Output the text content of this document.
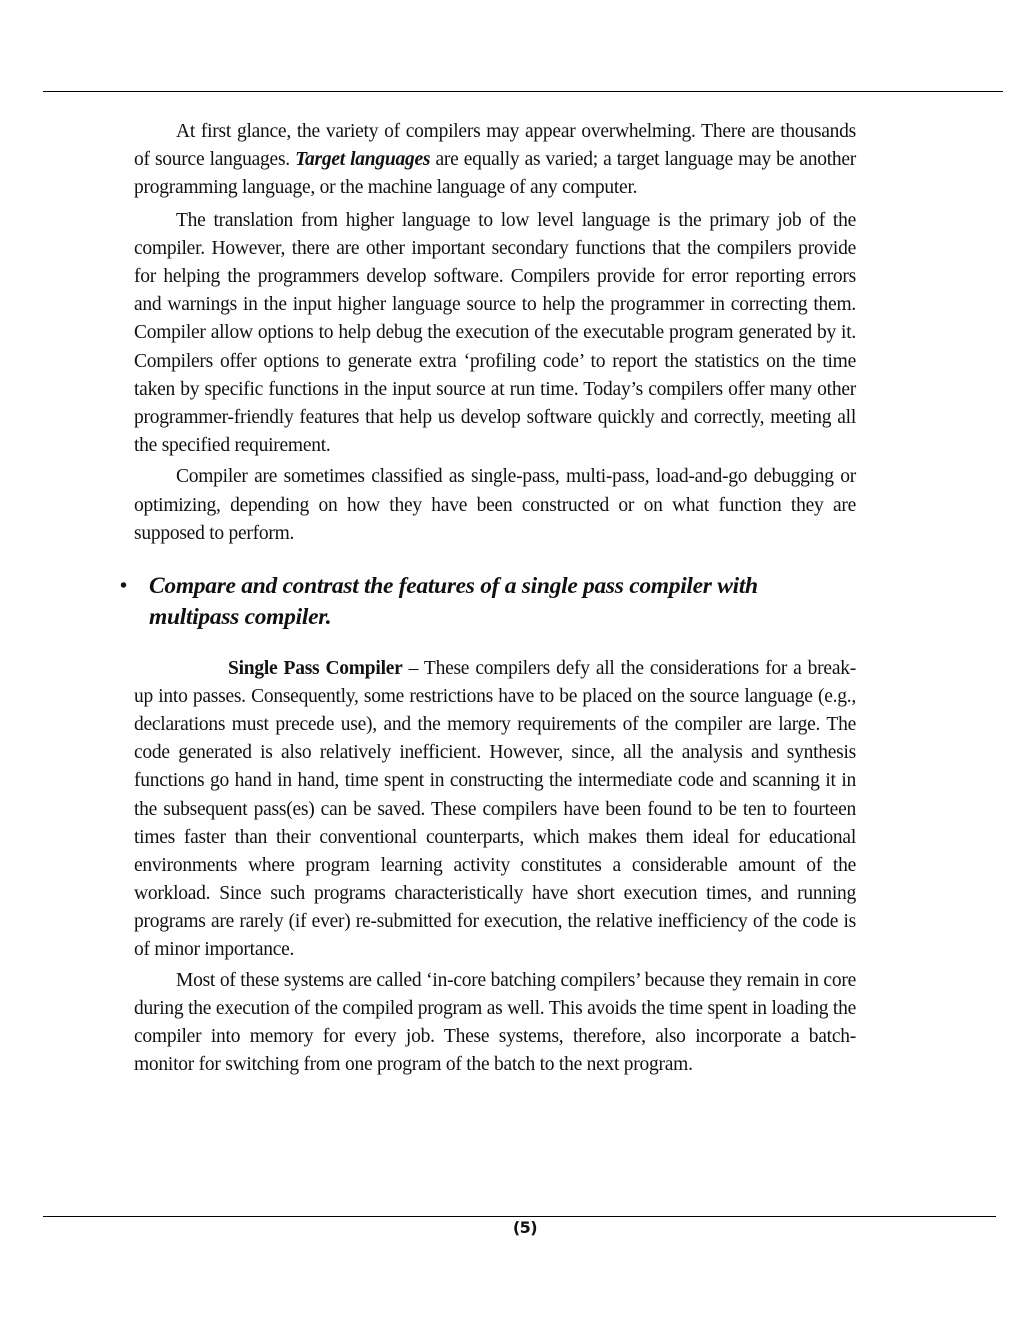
At first glance, the variety of compilers may appear overwhelming. There are thousands of source languages. Target languages are equally as varied; a target language may be another programming language, or the machine language of any computer.

The translation from higher language to low level language is the primary job of the compiler. However, there are other important secondary functions that the compilers provide for helping the programmers develop software. Compilers provide for error reporting errors and warnings in the input higher language source to help the programmer in correcting them. Compiler allow options to help debug the execution of the executable program generated by it. Compilers offer options to generate extra ‘profiling code’ to report the statistics on the time taken by specific functions in the input source at run time. Today’s compilers offer many other programmer-friendly features that help us develop software quickly and correctly, meeting all the specified requirement.

Compiler are sometimes classified as single-pass, multi-pass, load-and-go debugging or optimizing, depending on how they have been constructed or on what function they are supposed to perform.

• Compare and contrast the features of a single pass compiler with multipass compiler.

Single Pass Compiler – These compilers defy all the considerations for a break-up into passes. Consequently, some restrictions have to be placed on the source language (e.g., declarations must precede use), and the memory requirements of the compiler are large. The code generated is also relatively inefficient. However, since, all the analysis and synthesis functions go hand in hand, time spent in constructing the intermediate code and scanning it in the subsequent pass(es) can be saved. These compilers have been found to be ten to fourteen times faster than their conventional counterparts, which makes them ideal for educational environments where program learning activity constitutes a considerable amount of the workload. Since such programs characteristically have short execution times, and running programs are rarely (if ever) re-submitted for execution, the relative inefficiency of the code is of minor importance.

Most of these systems are called ‘in-core batching compilers’ because they remain in core during the execution of the compiled program as well. This avoids the time spent in loading the compiler into memory for every job. These systems, therefore, also incorporate a batch-monitor for switching from one program of the batch to the next program.

(5)
